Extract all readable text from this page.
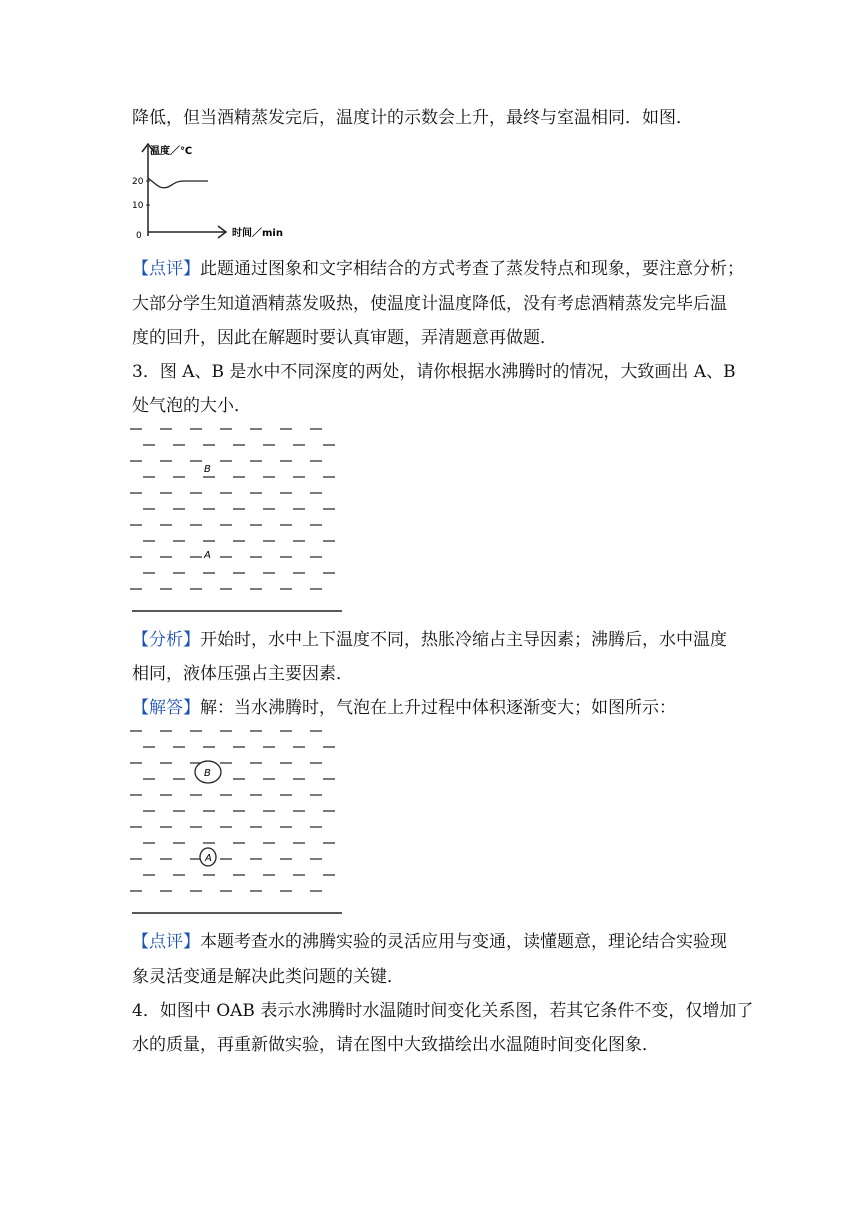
降低，但当酒精蒸发完后，温度计的示数会上升，最终与室温相同．如图．
温度／℃
时间／min
20
10
0
【点评】此题通过图象和文字相结合的方式考查了蒸发特点和现象，要注意分析；
大部分学生知道酒精蒸发吸热，使温度计温度降低，没有考虑酒精蒸发完毕后温
度的回升，因此在解题时要认真审题，弄清题意再做题．
3．图 A、B 是水中不同深度的两处，请你根据水沸腾时的情况，大致画出 A、B
处气泡的大小．
B
A
【分析】开始时，水中上下温度不同，热胀冷缩占主导因素；沸腾后，水中温度
相同，液体压强占主要因素．
【解答】解：当水沸腾时，气泡在上升过程中体积逐渐变大；如图所示：
B
A
【点评】本题考查水的沸腾实验的灵活应用与变通，读懂题意，理论结合实验现
象灵活变通是解决此类问题的关键．
4．如图中 OAB 表示水沸腾时水温随时间变化关系图，若其它条件不变，仅增加了
水的质量，再重新做实验，请在图中大致描绘出水温随时间变化图象．
